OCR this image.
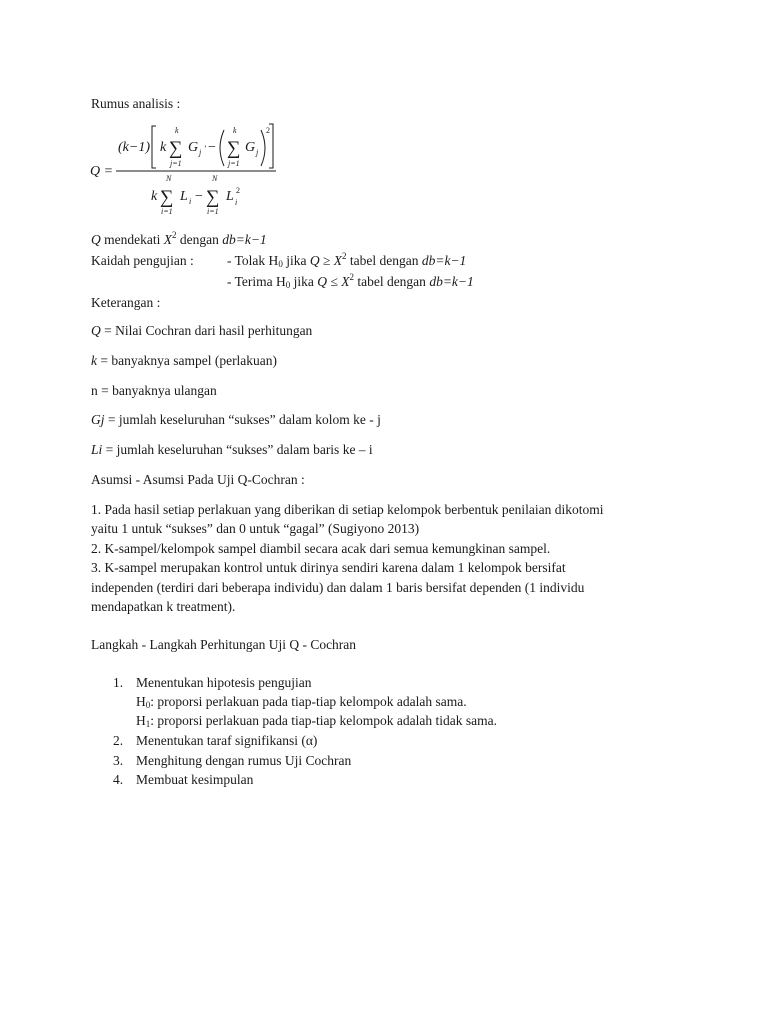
Rumus analisis :
Q =
(k−1) k
k
∑
j=1
G j ’ −
k
∑
j=1
G j
2
k
N
∑
i=1
L i −
N
∑
i=1
L i
2
Q mendekati $X^2$ dengan db=k−1
Kaidah pengujian : - Tolak $H_0$ jika $Q \ge X^2$ tabel dengan db=k−1
- Terima $H_0$ jika $Q \le X^2$ tabel dengan db=k−1
Keterangan :
Q = Nilai Cochran dari hasil perhitungan
k = banyaknya sampel (perlakuan)
n = banyaknya ulangan
Gj = jumlah keseluruhan “sukses” dalam kolom ke - j
Li = jumlah keseluruhan “sukses” dalam baris ke – i
Asumsi - Asumsi Pada Uji Q-Cochran :
1. Pada hasil setiap perlakuan yang diberikan di setiap kelompok berbentuk penilaian dikotomi
yaitu 1 untuk “sukses” dan 0 untuk “gagal” (Sugiyono 2013)
2. K-sampel/kelompok sampel diambil secara acak dari semua kemungkinan sampel.
3. K-sampel merupakan kontrol untuk dirinya sendiri karena dalam 1 kelompok bersifat
independen (terdiri dari beberapa individu) dan dalam 1 baris bersifat dependen (1 individu
mendapatkan k treatment).
Langkah - Langkah Perhitungan Uji Q - Cochran
1. Menentukan hipotesis pengujian
$H_0$: proporsi perlakuan pada tiap-tiap kelompok adalah sama.
$H_1$: proporsi perlakuan pada tiap-tiap kelompok adalah tidak sama.
2. Menentukan taraf signifikansi (α)
3. Menghitung dengan rumus Uji Cochran
4. Membuat kesimpulan
